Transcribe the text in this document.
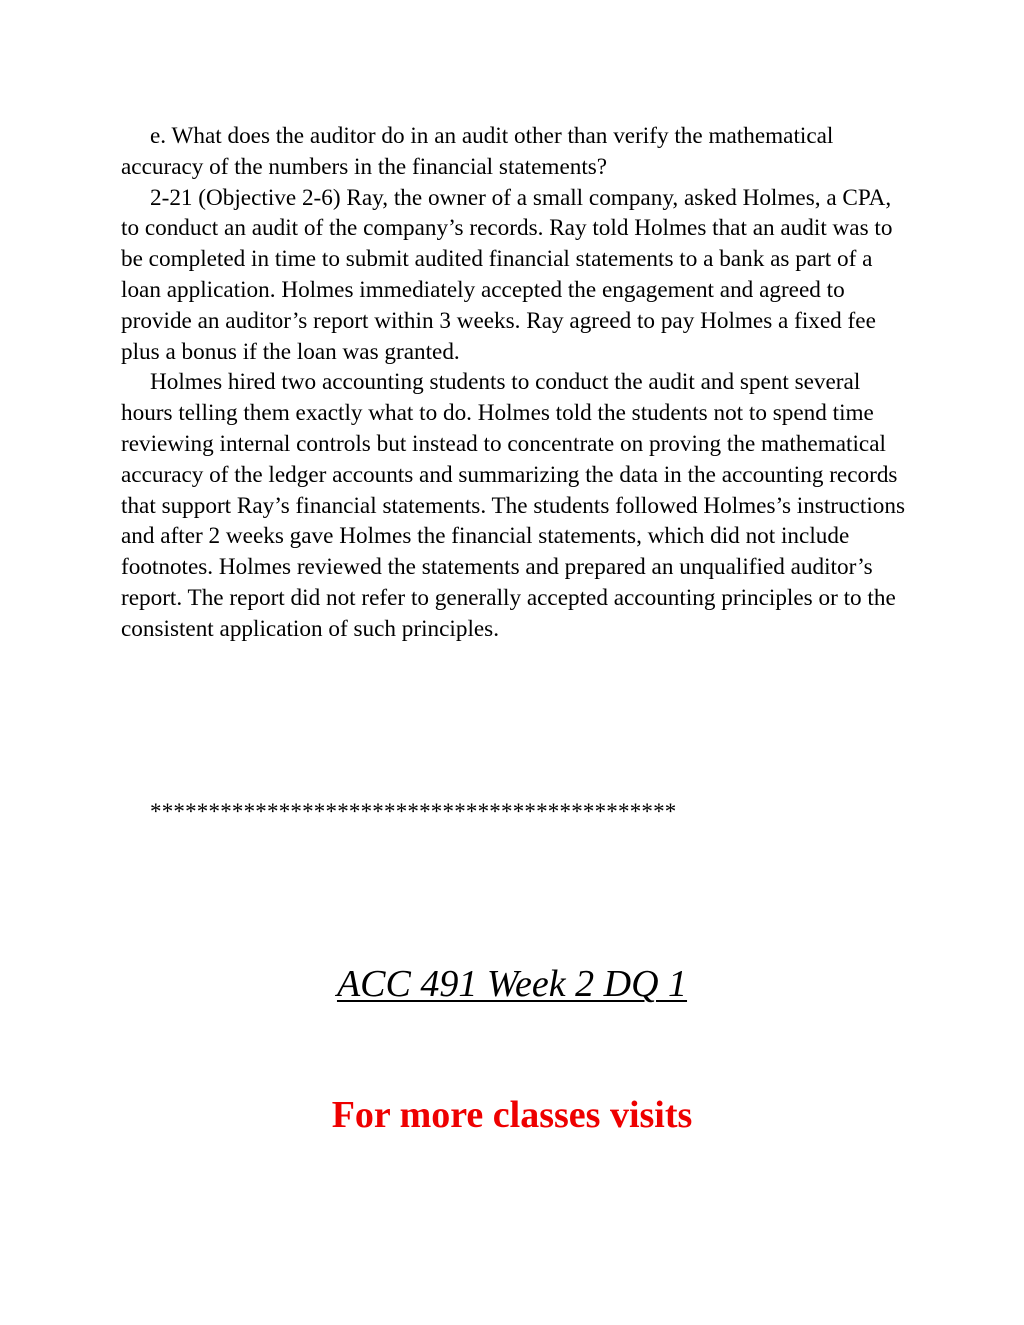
e. What does the auditor do in an audit other than verify the mathematical accuracy of the numbers in the financial statements?

2-21 (Objective 2-6) Ray, the owner of a small company, asked Holmes, a CPA, to conduct an audit of the company’s records. Ray told Holmes that an audit was to be completed in time to submit audited financial statements to a bank as part of a loan application. Holmes immediately accepted the engagement and agreed to provide an auditor’s report within 3 weeks. Ray agreed to pay Holmes a fixed fee plus a bonus if the loan was granted.

Holmes hired two accounting students to conduct the audit and spent several hours telling them exactly what to do. Holmes told the students not to spend time reviewing internal controls but instead to concentrate on proving the mathematical accuracy of the ledger accounts and summarizing the data in the accounting records that support Ray’s financial statements. The students followed Holmes’s instructions and after 2 weeks gave Holmes the financial statements, which did not include footnotes. Holmes reviewed the statements and prepared an unqualified auditor’s report. The report did not refer to generally accepted accounting principles or to the consistent application of such principles.

*********************************************
ACC 491 Week 2 DQ 1
For more classes visits
